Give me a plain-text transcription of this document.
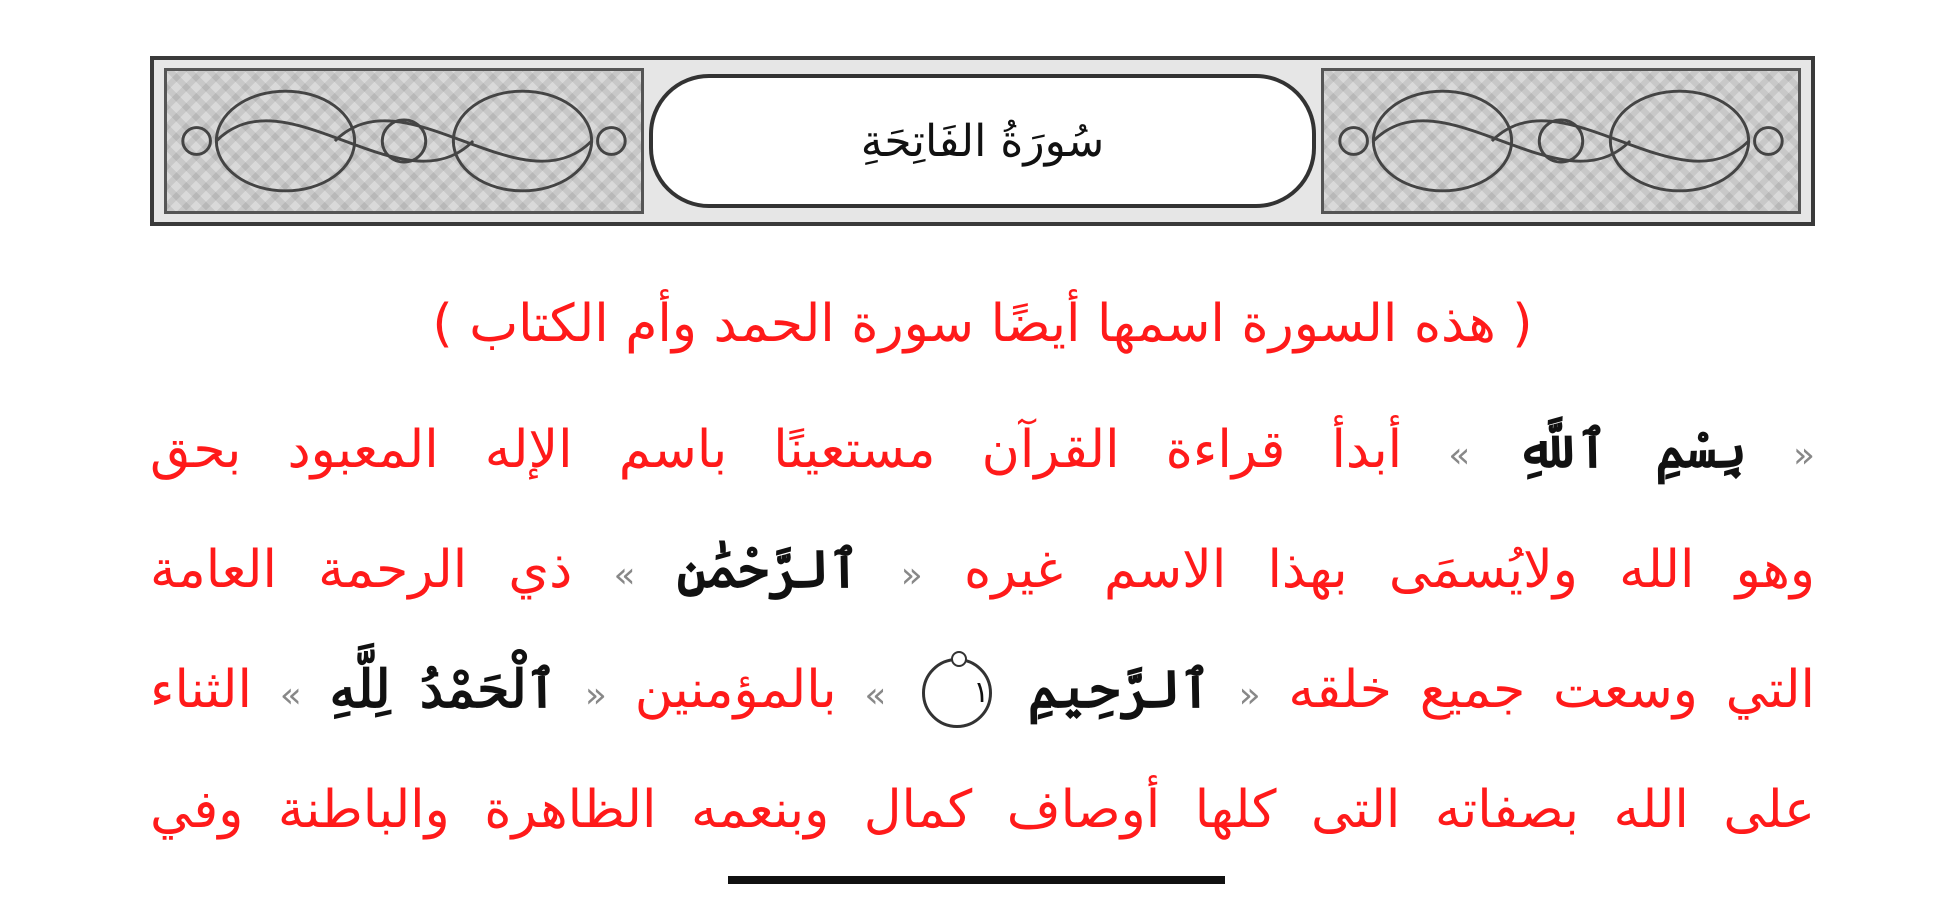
سُورَةُ الفَاتِحَةِ
( هذه السورة اسمها أيضًا سورة الحمد وأم الكتاب )
« بِسْمِ ٱللَّهِ » أبدأ قراءة القرآن مستعينًا باسم الإله المعبود بحق
وهو الله ولايُسمَى بهذا الاسم غيره « ٱلرَّحْمَٰنِ » ذي الرحمة العامة
التي وسعت جميع خلقه « ٱلرَّحِيمِ ١ » بالمؤمنين « ٱلْحَمْدُ لِلَّهِ » الثناء
على الله بصفاته التى كلها أوصاف كمال وبنعمه الظاهرة والباطنة وفي
